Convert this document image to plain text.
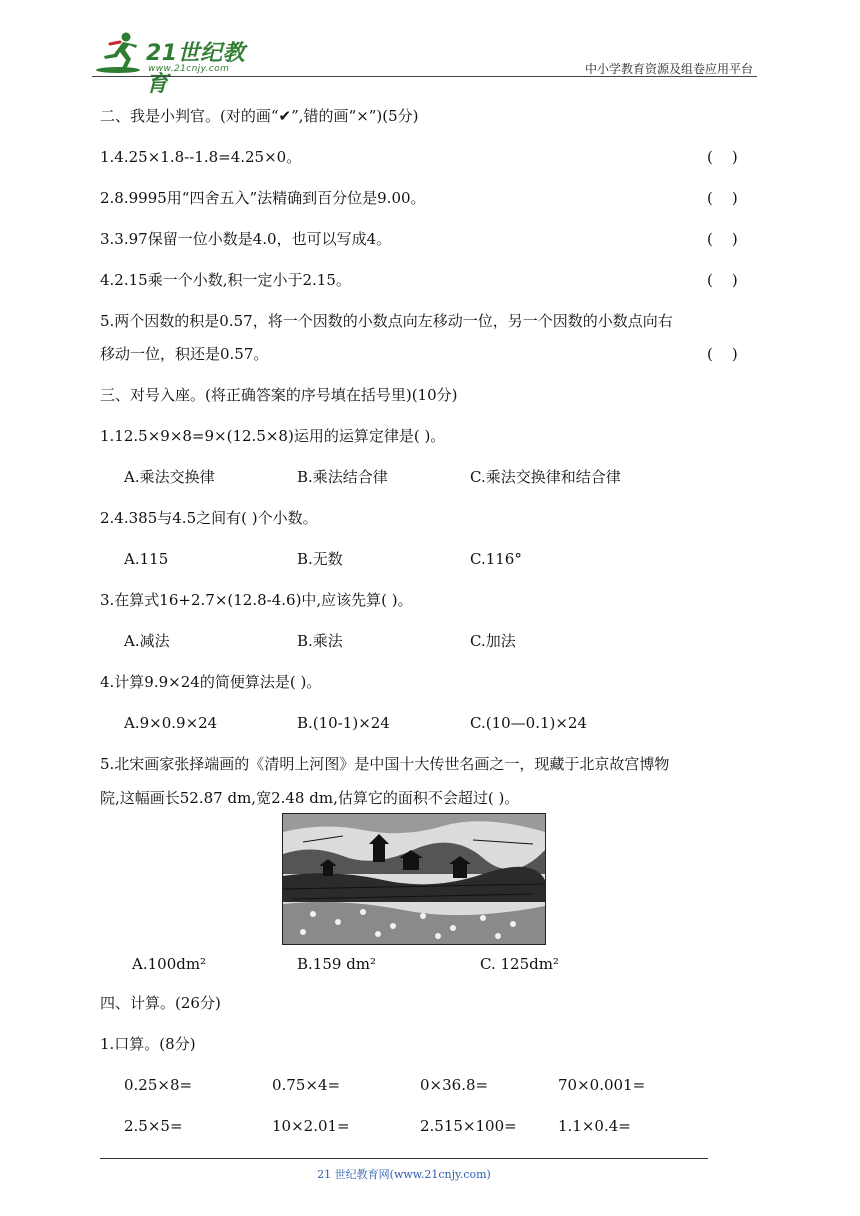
21世纪教育
www.21cnjy.com	中小学教育资源及组卷应用平台
二、我是小判官。(对的画“✔”,错的画“×”)(5分)
1.4.25×1.8--1.8=4.25×0。	(    )
2.8.9995用“四舍五入”法精确到百分位是9.00。	(    )
3.3.97保留一位小数是4.0，也可以写成4。	(    )
4.2.15乘一个小数,积一定小于2.15。	(    )
5.两个因数的积是0.57，将一个因数的小数点向左移动一位，另一个因数的小数点向右
移动一位，积还是0.57。	(    )
三、对号入座。(将正确答案的序号填在括号里)(10分)
1.12.5×9×8=9×(12.5×8)运用的运算定律是( )。
A.乘法交换律	B.乘法结合律	C.乘法交换律和结合律
2.4.385与4.5之间有( )个小数。
A.115	B.无数	C.116°
3.在算式16+2.7×(12.8-4.6)中,应该先算( )。
A.减法	B.乘法	C.加法
4.计算9.9×24的简便算法是( )。
A.9×0.9×24	B.(10-1)×24	C.(10—0.1)×24
5.北宋画家张择端画的《清明上河图》是中国十大传世名画之一，现藏于北京故宫博物
院,这幅画长52.87 dm,宽2.48 dm,估算它的面积不会超过( )。
A.100dm²	B.159 dm²	C. 125dm²
四、计算。(26分)
1.口算。(8分)
0.25×8=	0.75×4=	0×36.8=	70×0.001=
2.5×5=	10×2.01=	2.515×100=	1.1×0.4=
21 世纪教育网(www.21cnjy.com)
